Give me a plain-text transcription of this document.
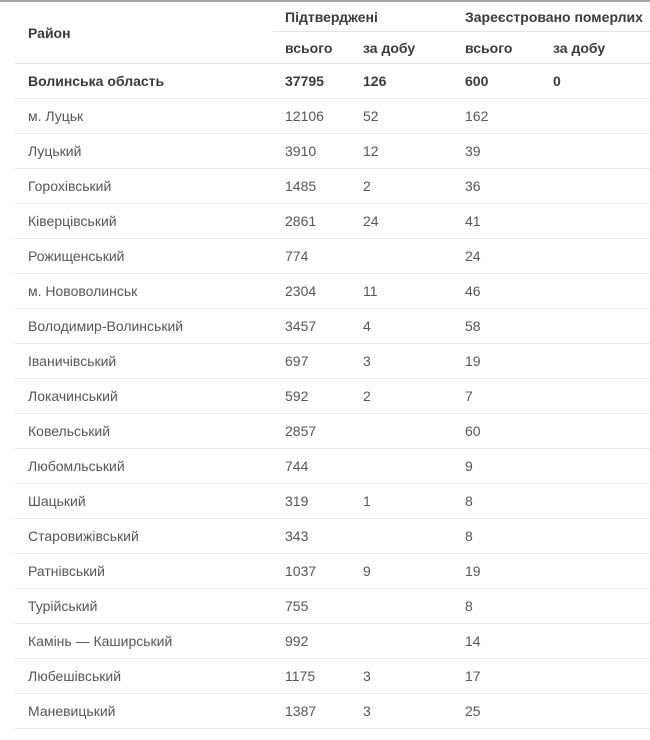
Район	Підтверджені		Зареєстровано померлих	
	всього	за добу	всього	за добу
Волинська область	37795	126	600	0
м. Луцьк	12106	52	162	
Луцький	3910	12	39	
Горохівський	1485	2	36	
Ківерцівський	2861	24	41	
Рожищенський	774		24	
м. Нововолинськ	2304	11	46	
Володимир-Волинський	3457	4	58	
Іваничівський	697	3	19	
Локачинський	592	2	7	
Ковельський	2857		60	
Любомльський	744		9	
Шацький	319	1	8	
Старовижівський	343		8	
Ратнівський	1037	9	19	
Турійський	755		8	
Камінь — Каширський	992		14	
Любешівський	1175	3	17	
Маневицький	1387	3	25	
